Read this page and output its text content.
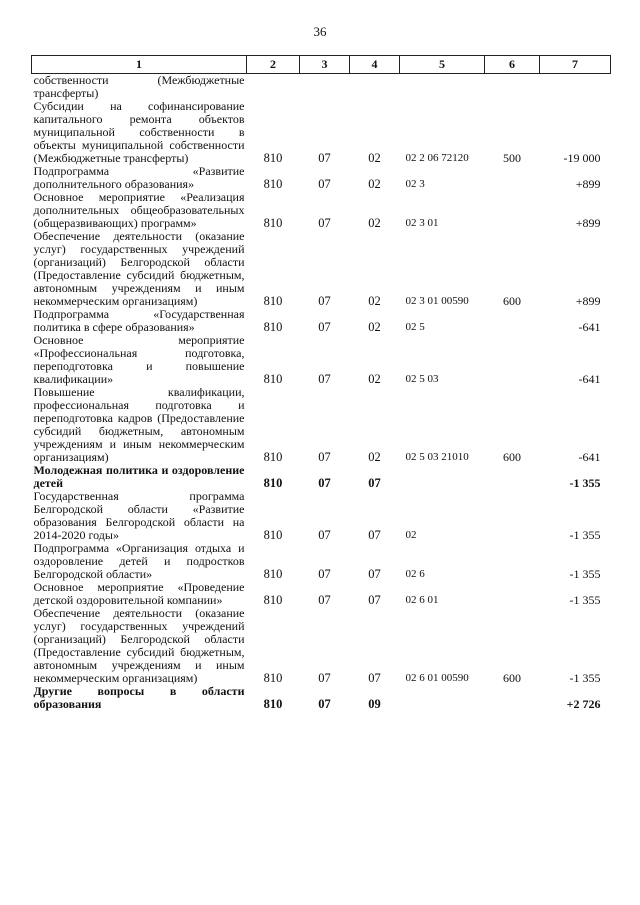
36
1	2	3	4	5	6	7
собственности (Межбюджетные трансферты)						
Субсидии на софинансирование капитального ремонта объектов муниципальной собственности в объекты муниципальной собственности (Межбюджетные трансферты)	810	07	02	02 2 06 72120	500	-19 000
Подпрограмма «Развитие дополнительного образования»	810	07	02	02 3		+899
Основное мероприятие «Реализация дополнительных общеобразовательных (общеразвивающих) программ»	810	07	02	02 3 01		+899
Обеспечение деятельности (оказание услуг) государственных учреждений (организаций) Белгородской области (Предоставление субсидий бюджетным, автономным учреждениям и иным некоммерческим организациям)	810	07	02	02 3 01 00590	600	+899
Подпрограмма «Государственная политика в сфере образования»	810	07	02	02 5		-641
Основное мероприятие «Профессиональная подготовка, переподготовка и повышение квалификации»	810	07	02	02 5 03		-641
Повышение квалификации, профессиональная подготовка и переподготовка кадров (Предоставление субсидий бюджетным, автономным учреждениям и иным некоммерческим организациям)	810	07	02	02 5 03 21010	600	-641
Молодежная политика и оздоровление детей	810	07	07			-1 355
Государственная программа Белгородской области «Развитие образования Белгородской области на 2014-2020 годы»	810	07	07	02		-1 355
Подпрограмма «Организация отдыха и оздоровление детей и подростков Белгородской области»	810	07	07	02 6		-1 355
Основное мероприятие «Проведение детской оздоровительной компании»	810	07	07	02 6 01		-1 355
Обеспечение деятельности (оказание услуг) государственных учреждений (организаций) Белгородской области (Предоставление субсидий бюджетным, автономным учреждениям и иным некоммерческим организациям)	810	07	07	02 6 01 00590	600	-1 355
Другие вопросы в области образования	810	07	09			+2 726
